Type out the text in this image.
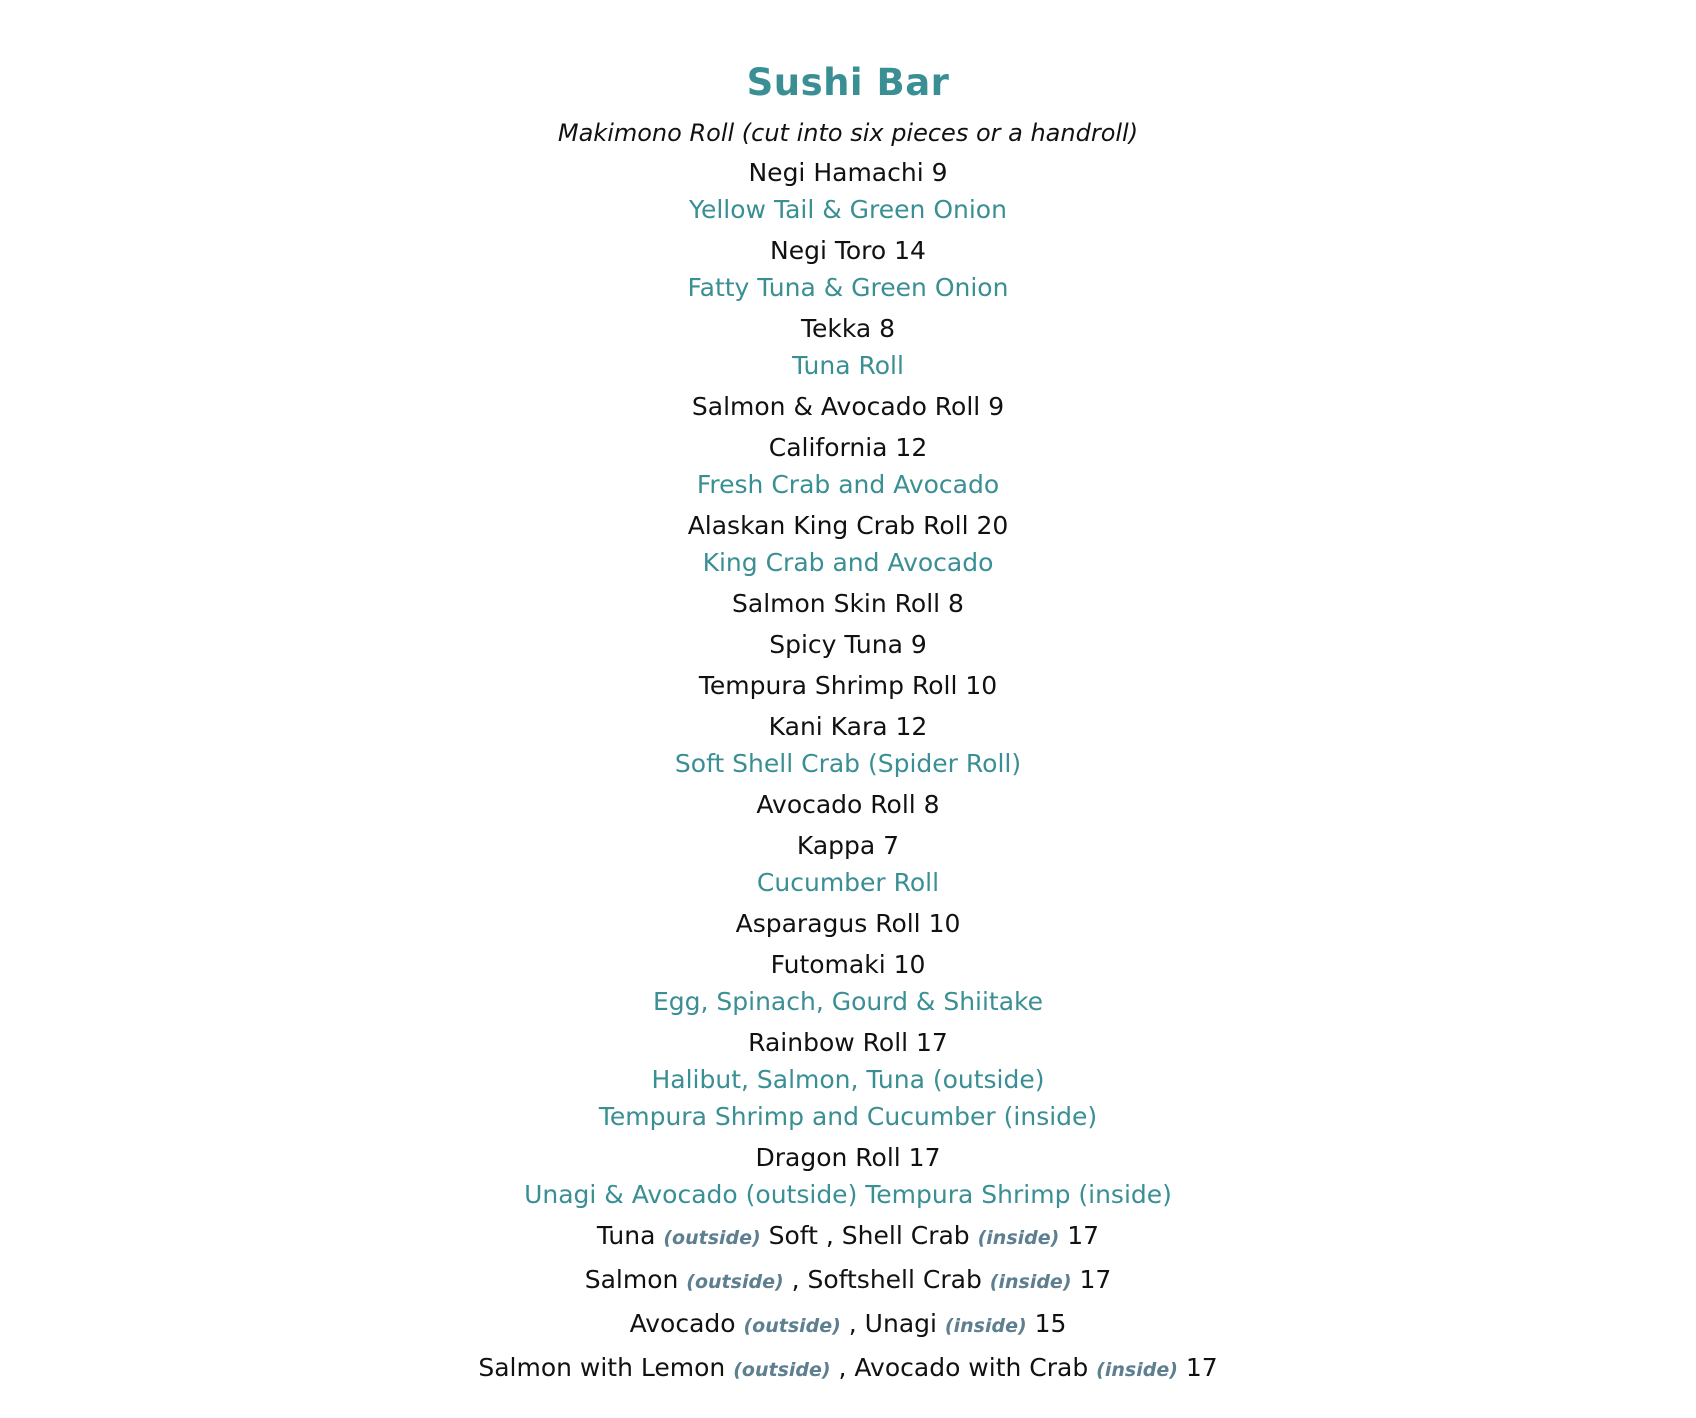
Sushi Bar
Makimono Roll (cut into six pieces or a handroll)
Negi Hamachi 9
Yellow Tail & Green Onion
Negi Toro 14
Fatty Tuna & Green Onion
Tekka 8
Tuna Roll
Salmon & Avocado Roll 9
California 12
Fresh Crab and Avocado
Alaskan King Crab Roll 20
King Crab and Avocado
Salmon Skin Roll 8
Spicy Tuna 9
Tempura Shrimp Roll 10
Kani Kara 12
Soft Shell Crab (Spider Roll)
Avocado Roll 8
Kappa 7
Cucumber Roll
Asparagus Roll 10
Futomaki 10
Egg, Spinach, Gourd & Shiitake
Rainbow Roll 17
Halibut, Salmon, Tuna (outside)
Tempura Shrimp and Cucumber (inside)
Dragon Roll 17
Unagi & Avocado (outside) Tempura Shrimp (inside)
Tuna (outside) Soft , Shell Crab (inside) 17
Salmon (outside) , Softshell Crab (inside) 17
Avocado (outside) , Unagi (inside) 15
Salmon with Lemon (outside) , Avocado with Crab (inside) 17
